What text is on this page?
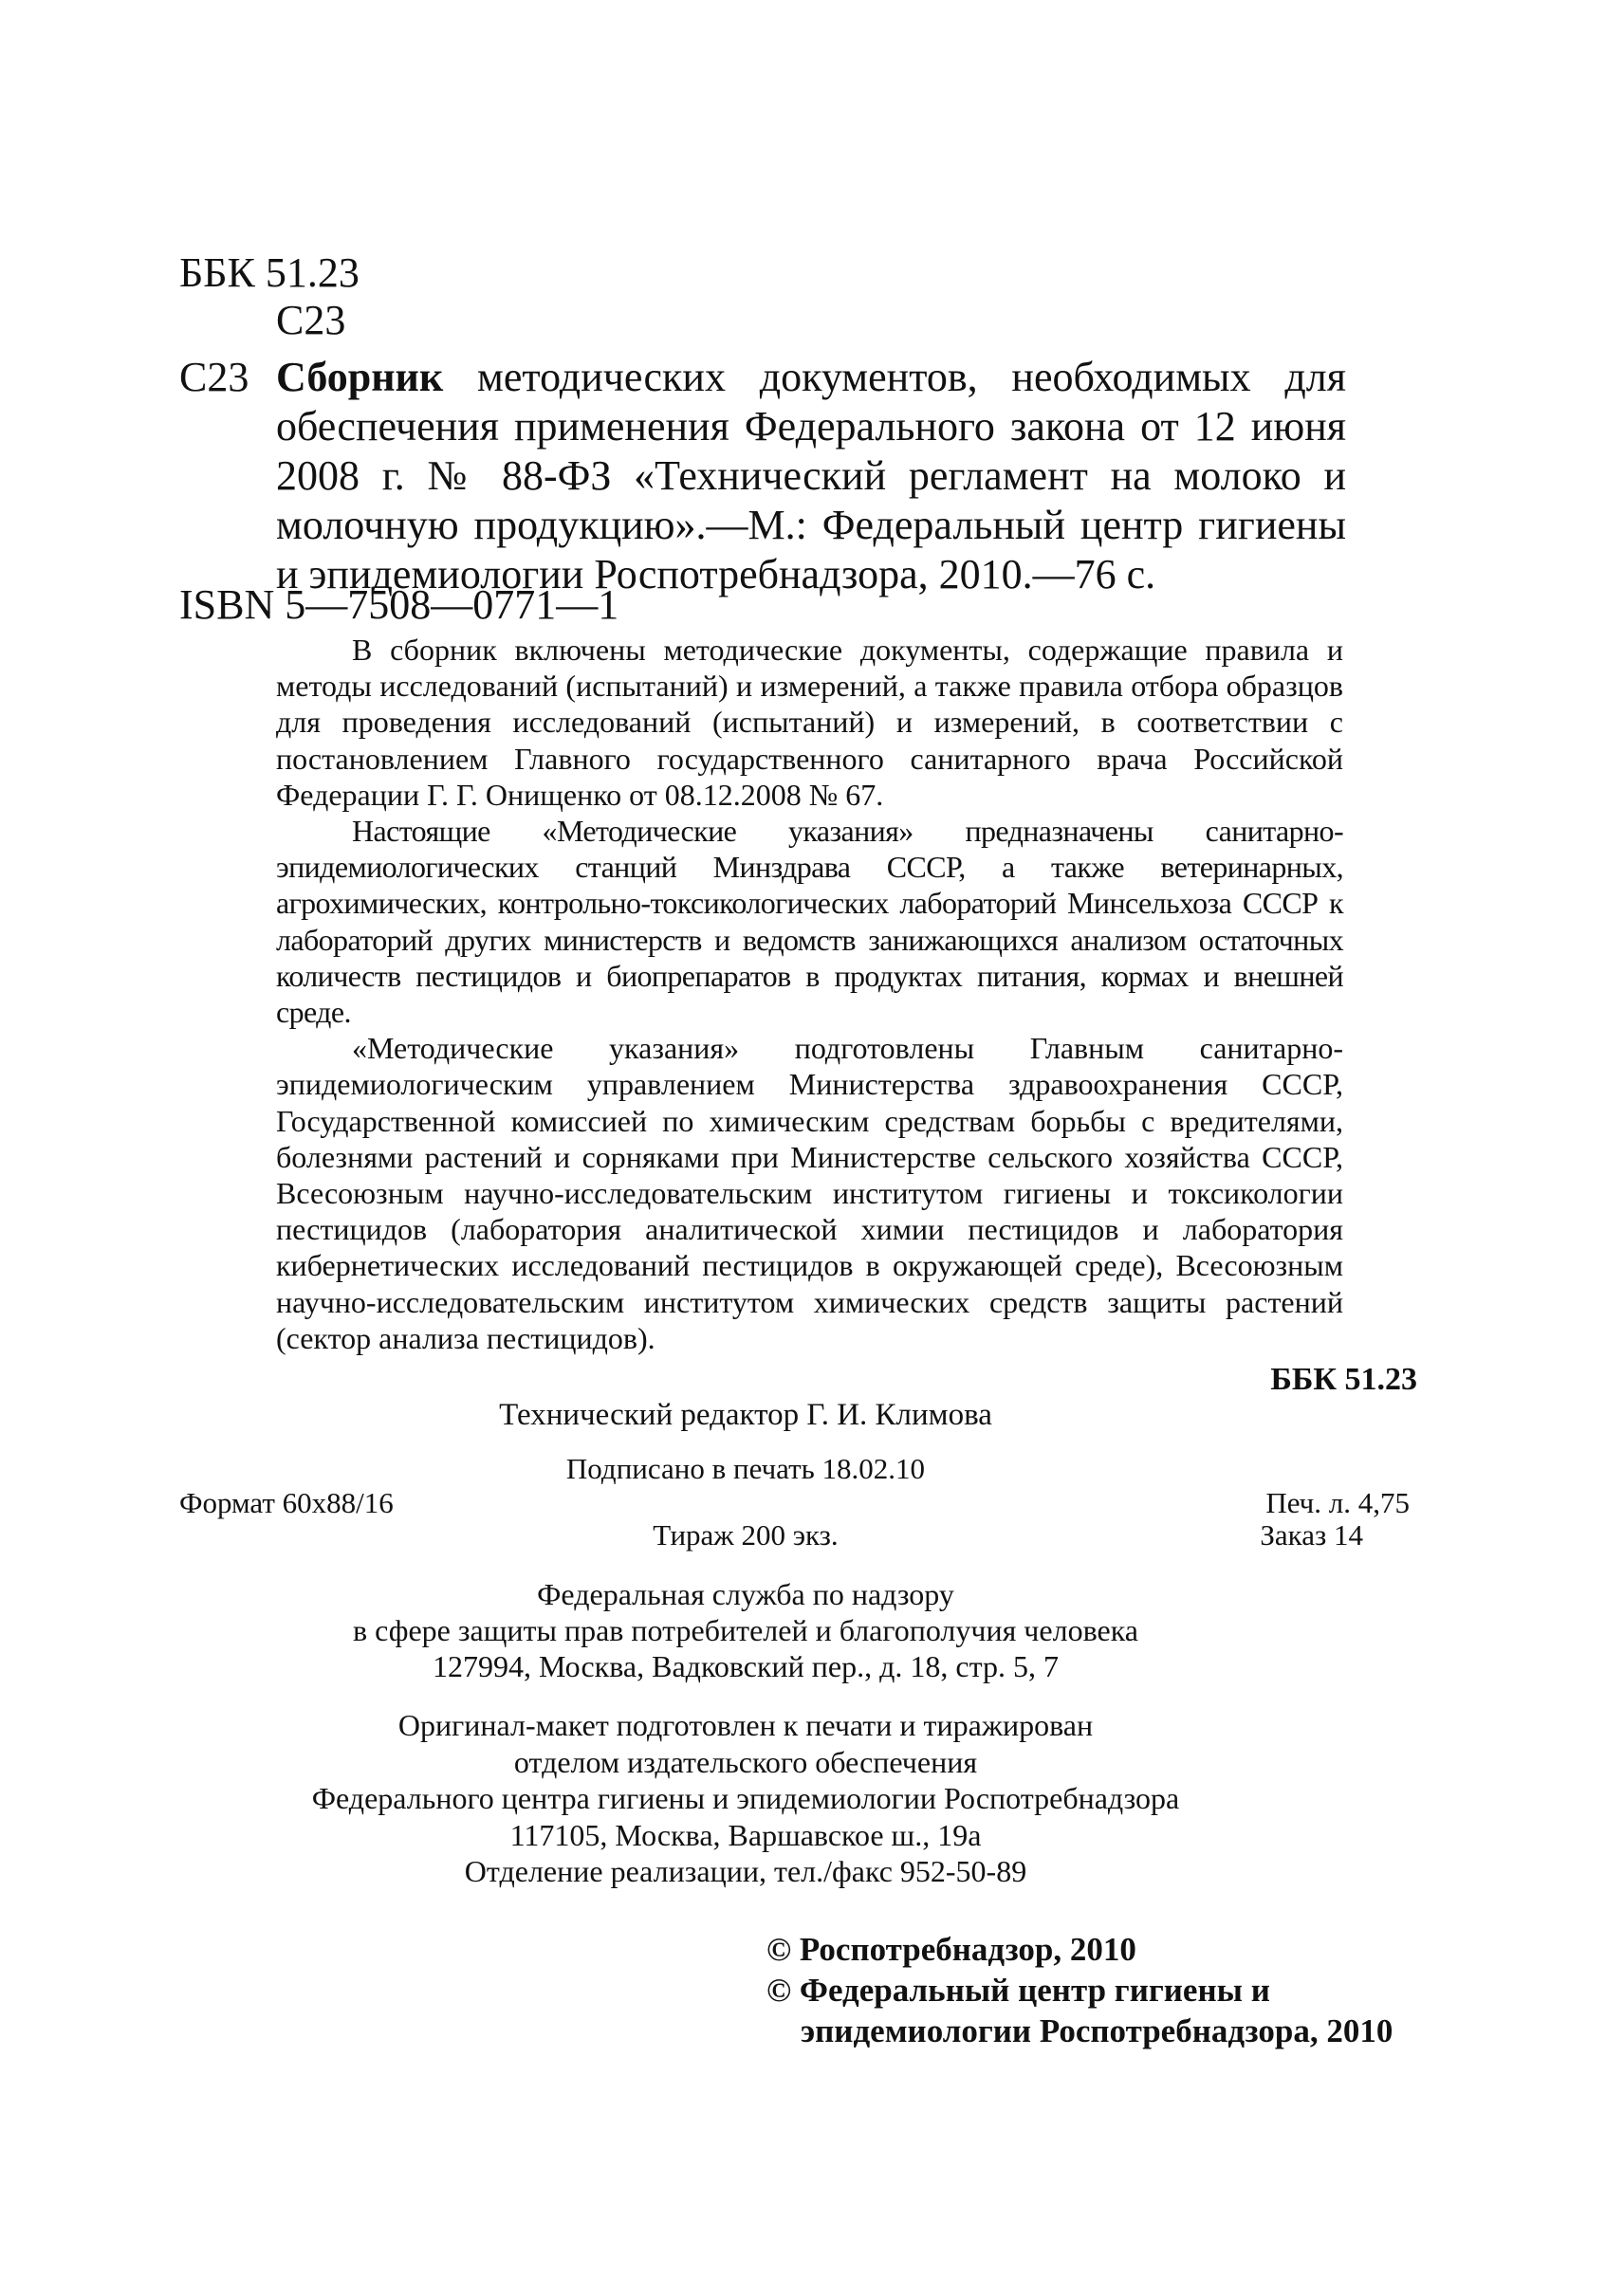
ББК 51.23
С23
С23 Сборник методических документов, необходимых для обеспечения применения Федерального закона от 12 июня 2008 г. № 88-ФЗ «Технический регламент на молоко и молочную продукцию».—М.: Федеральный центр гигиены и эпидемиологии Роспотребнадзора, 2010.—76 с.
ISBN 5—7508—0771—1

В сборник включены методические документы, содержащие правила и методы исследований (испытаний) и измерений, а также правила отбора образцов для проведения исследований (испытаний) и измерений, в соответствии с постановлением Главного государственного санитарного врача Российской Федерации Г. Г. Онищенко от 08.12.2008 № 67.

Настоящие «Методические указания» предназначены санитарно-эпидемиологических станций Минздрава СССР, а также ветеринарных, агрохимических, контрольно-токсикологических лабораторий Минсельхоза СССР к лабораторий других министерств и ведомств занижающихся анализом остаточных количеств пестицидов и биопрепаратов в продуктах питания, кормах и внешней среде.

«Методические указания» подготовлены Главным санитарно-эпидемиологическим управлением Министерства здравоохранения СССР, Государственной комиссией по химическим средствам борьбы с вредителями, болезнями растений и сорняками при Министерстве сельского хозяйства СССР, Всесоюзным научно-исследовательским институтом гигиены и токсикологии пестицидов (лаборатория аналитической химии пестицидов и лаборатория кибернетических исследований пестицидов в окружающей среде), Всесоюзным научно-исследовательским институтом химических средств защиты растений (сектор анализа пестицидов).

ББК 51.23
Технический редактор Г. И. Климова
Подписано в печать 18.02.10
Формат 60x88/16	Печ. л. 4,75
Тираж 200 экз.	Заказ 14
Федеральная служба по надзору
в сфере защиты прав потребителей и благополучия человека
127994, Москва, Вадковский пер., д. 18, стр. 5, 7
Оригинал-макет подготовлен к печати и тиражирован
отделом издательского обеспечения
Федерального центра гигиены и эпидемиологии Роспотребнадзора
117105, Москва, Варшавское ш., 19а
Отделение реализации, тел./факс 952-50-89
© Роспотребнадзор, 2010
© Федеральный центр гигиены и
эпидемиологии Роспотребнадзора, 2010
